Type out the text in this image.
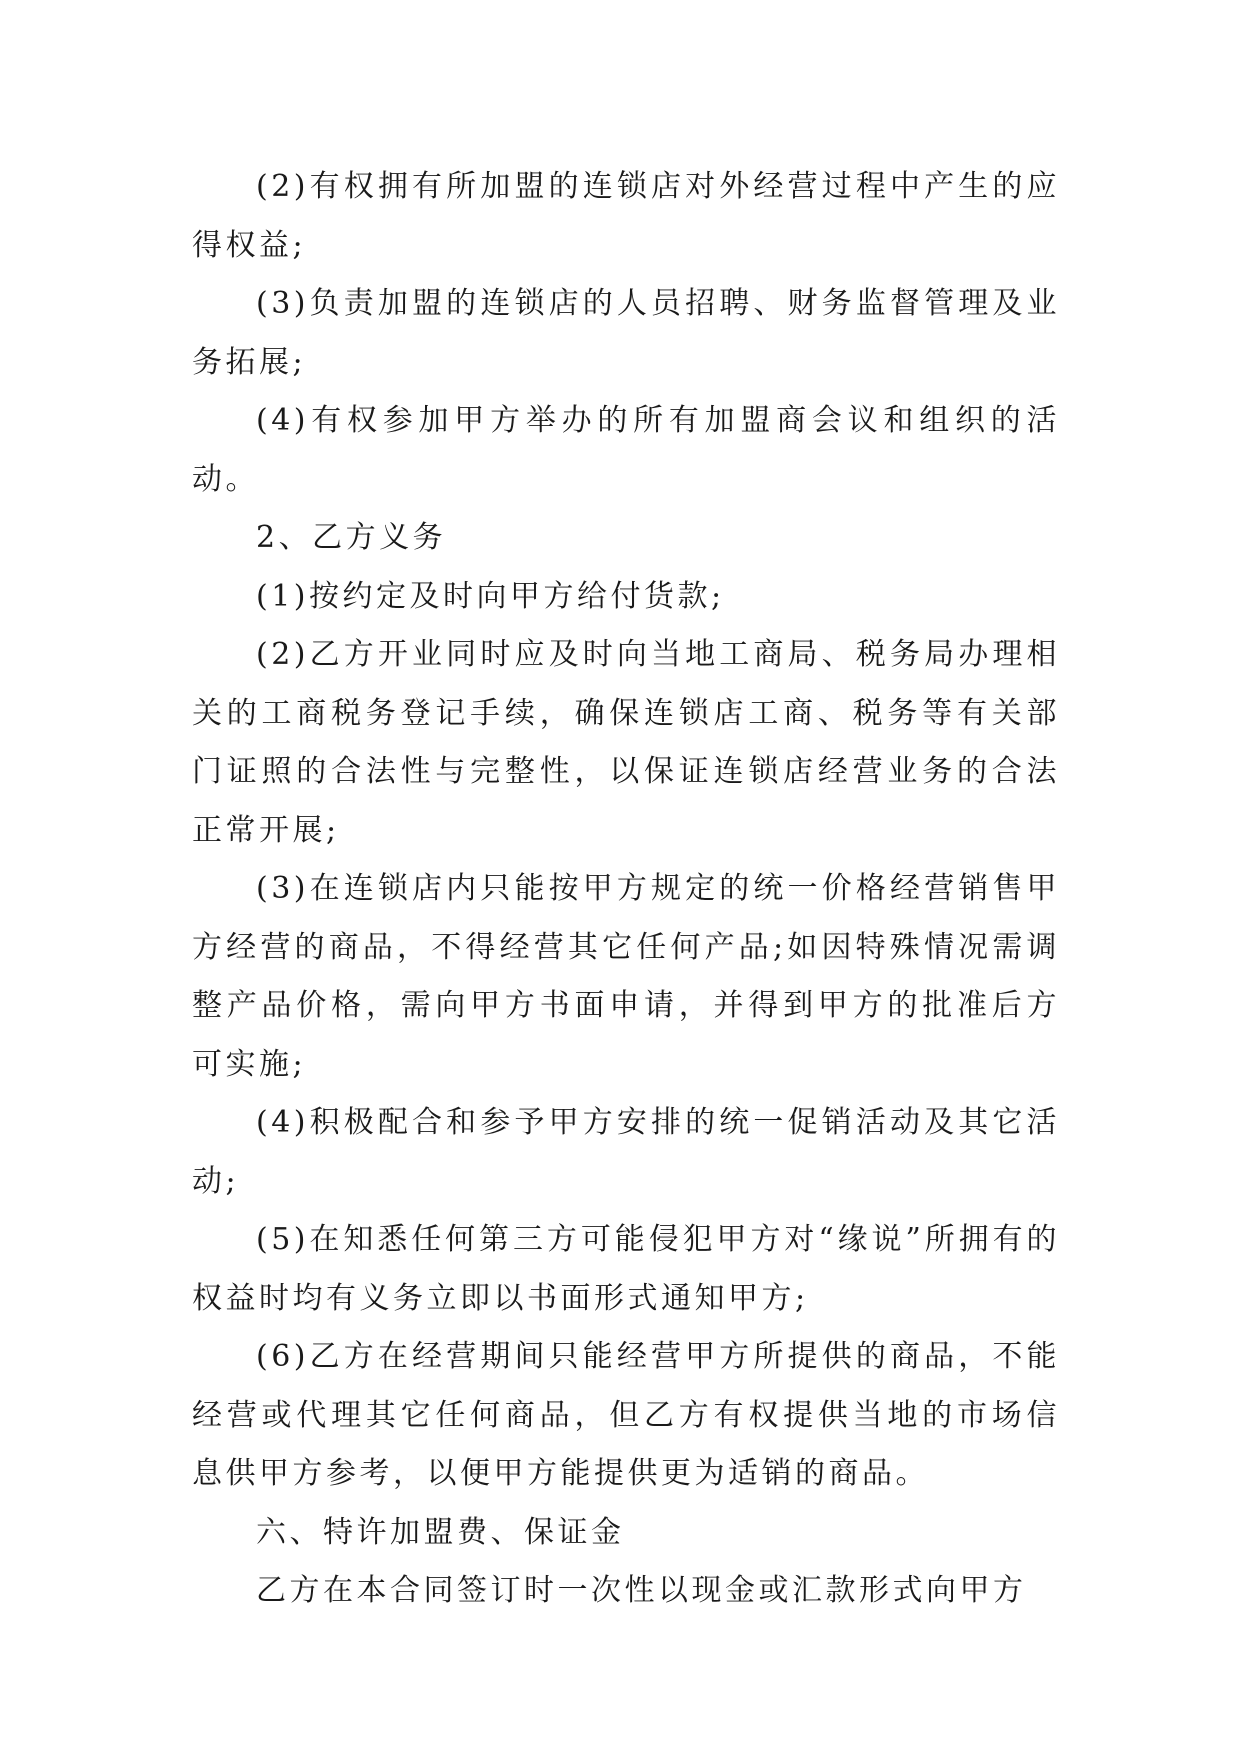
(2)有权拥有所加盟的连锁店对外经营过程中产生的应得权益;

(3)负责加盟的连锁店的人员招聘、财务监督管理及业务拓展;

(4)有权参加甲方举办的所有加盟商会议和组织的活动。

2、乙方义务

(1)按约定及时向甲方给付货款;

(2)乙方开业同时应及时向当地工商局、税务局办理相关的工商税务登记手续，确保连锁店工商、税务等有关部门证照的合法性与完整性，以保证连锁店经营业务的合法正常开展;

(3)在连锁店内只能按甲方规定的统一价格经营销售甲方经营的商品，不得经营其它任何产品;如因特殊情况需调整产品价格，需向甲方书面申请，并得到甲方的批准后方可实施;

(4)积极配合和参予甲方安排的统一促销活动及其它活动;

(5)在知悉任何第三方可能侵犯甲方对“缘说”所拥有的权益时均有义务立即以书面形式通知甲方;

(6)乙方在经营期间只能经营甲方所提供的商品，不能经营或代理其它任何商品，但乙方有权提供当地的市场信息供甲方参考，以便甲方能提供更为适销的商品。

六、特许加盟费、保证金

乙方在本合同签订时一次性以现金或汇款形式向甲方
